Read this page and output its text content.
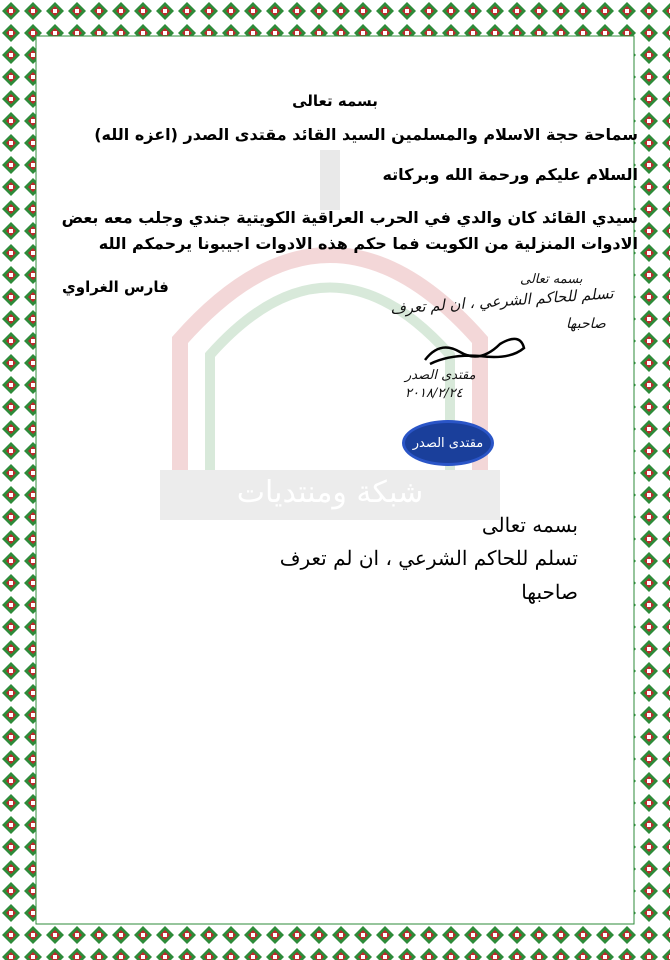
شبكة ومنتديات
بسمه تعالى
سماحة حجة الاسلام والمسلمين السيد القائد مقتدى الصدر (اعزه الله)
السلام عليكم ورحمة الله وبركاته
سيدي القائد كان والدي في الحرب العراقية الكويتية جندي وجلب معه بعض الادوات المنزلية من الكويت فما حكم هذه الادوات اجيبونا يرحمكم الله
فارس الغراوي	بسمه تعالى
تسلم للحاكم الشرعي ، ان لم تعرف
صاحبها
مقتدى الصدر
٢٠١٨/٢/٢٤
مقتدى الصدر
بسمه تعالى
تسلم للحاكم الشرعي ، ان لم تعرف
صاحبها
